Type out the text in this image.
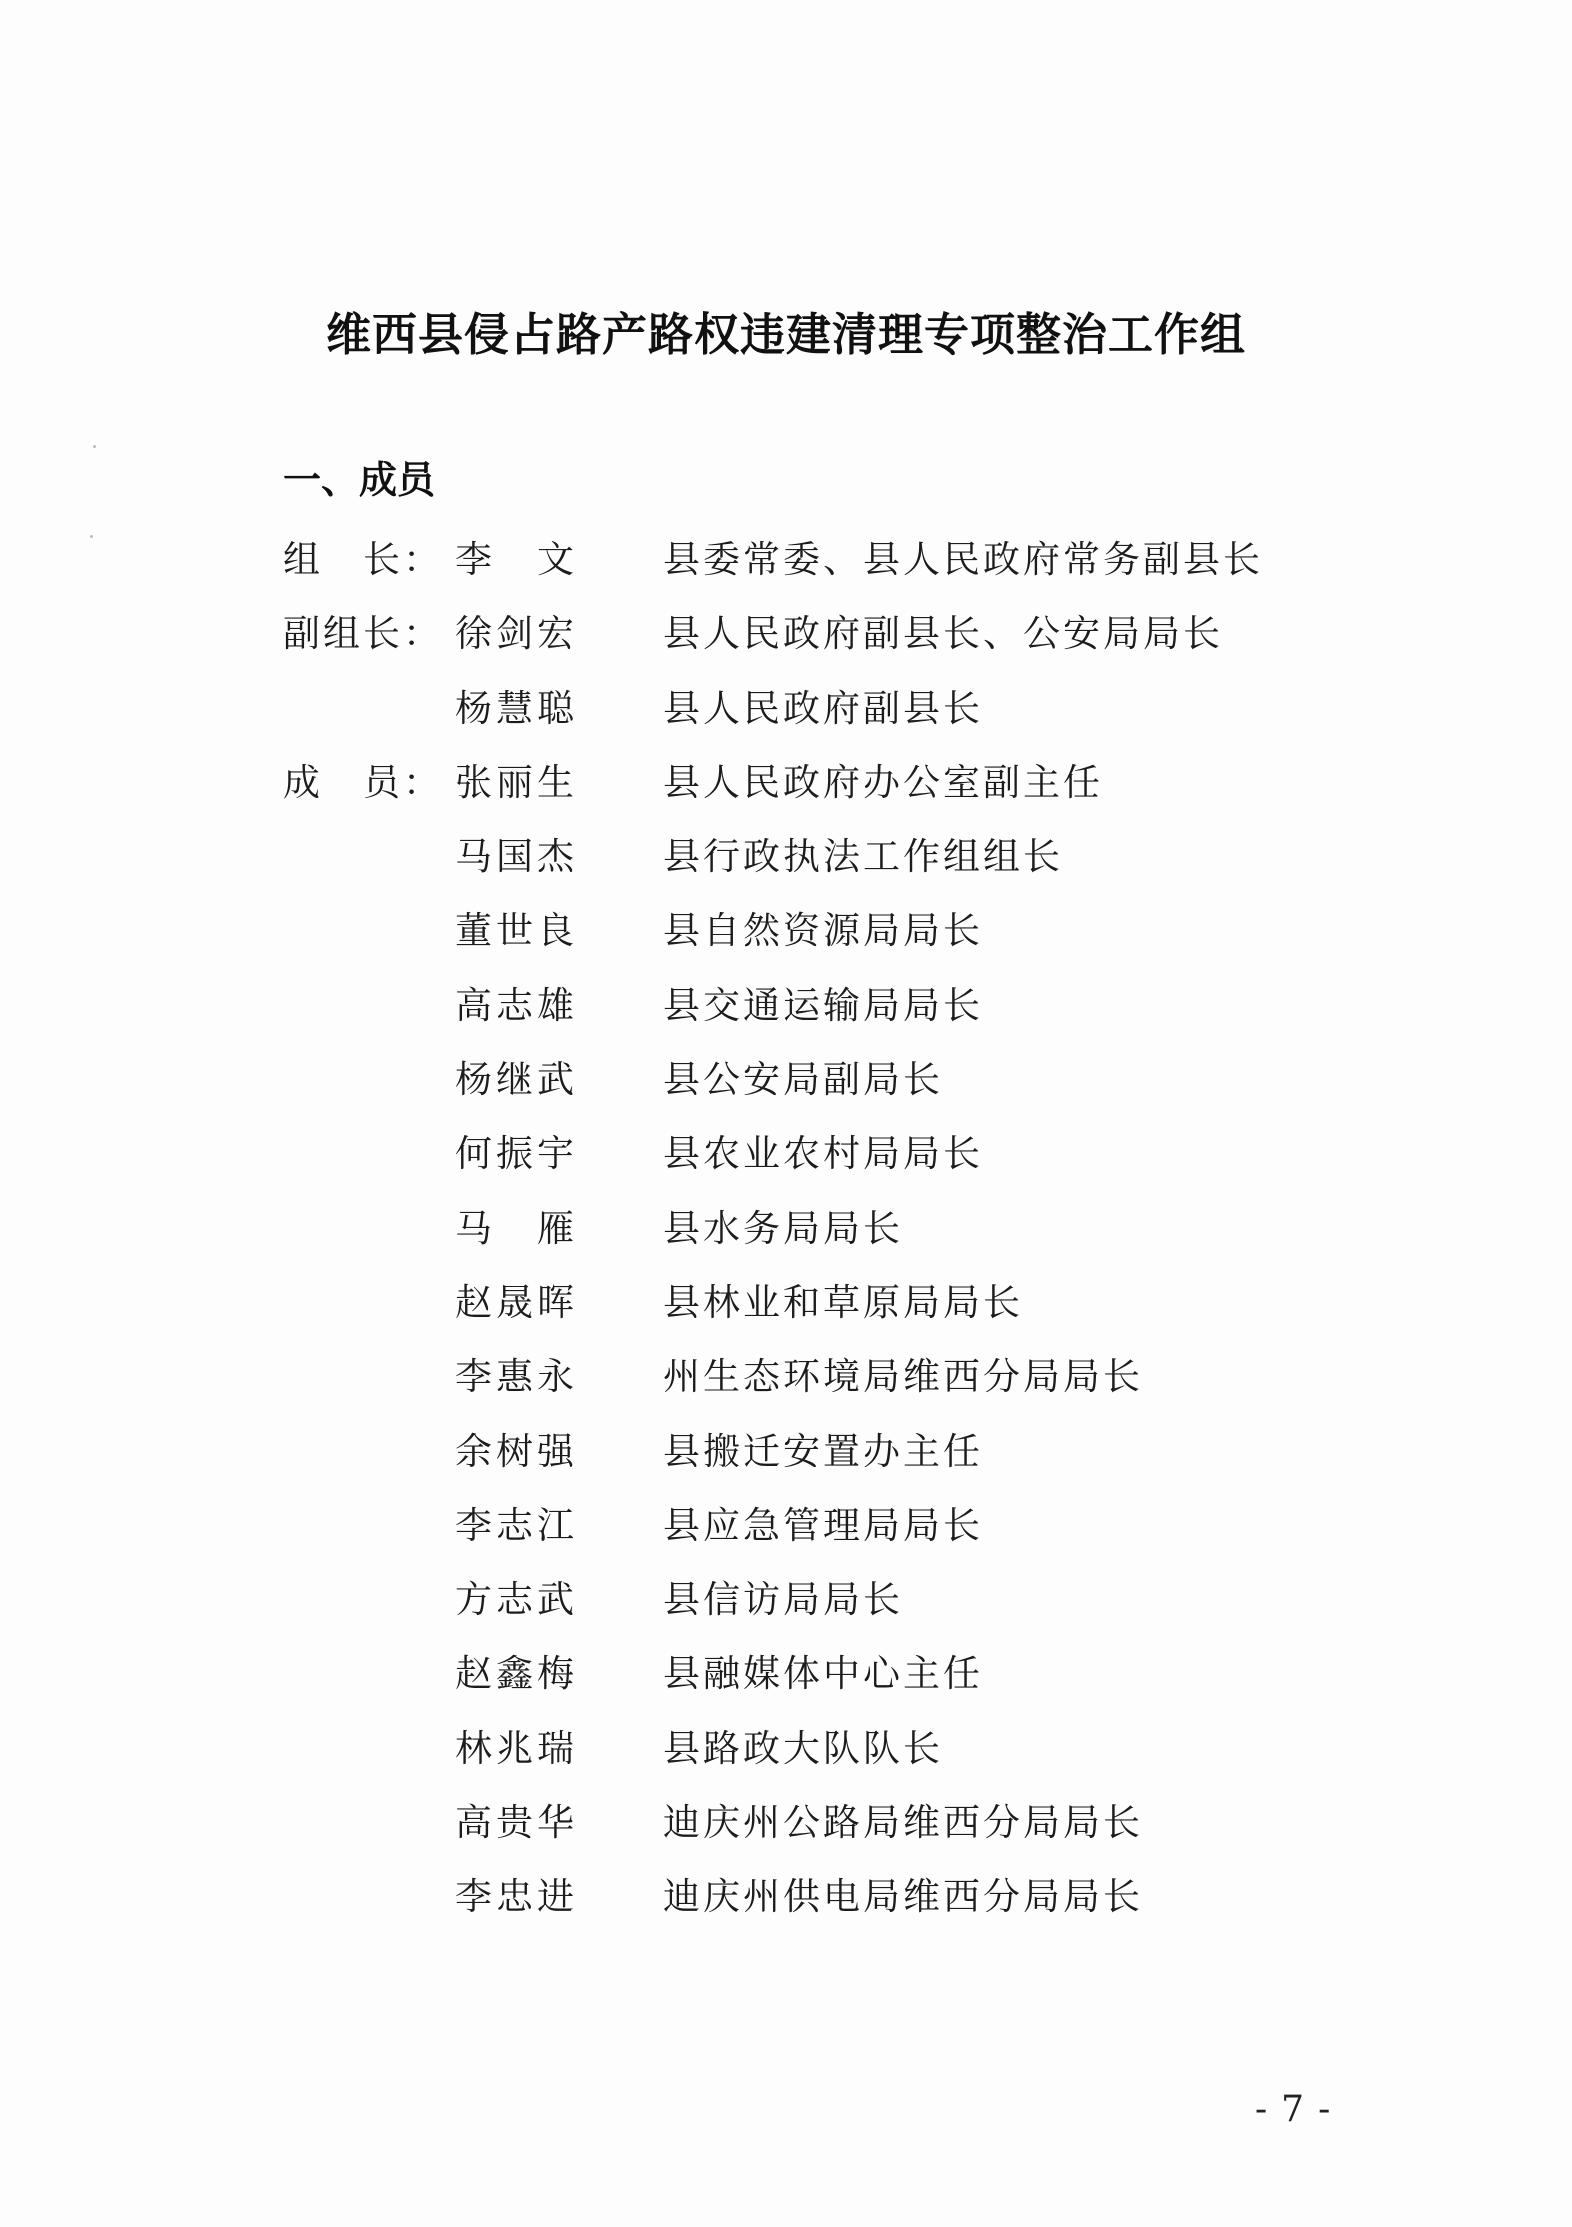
维西县侵占路产路权违建清理专项整治工作组
一、成员
组　长： 李　文	县委常委、县人民政府常务副县长
副组长： 徐剑宏	县人民政府副县长、公安局局长
杨慧聪	县人民政府副县长
成　员： 张丽生	县人民政府办公室副主任
马国杰	县行政执法工作组组长
董世良	县自然资源局局长
高志雄	县交通运输局局长
杨继武	县公安局副局长
何振宇	县农业农村局局长
马　雁	县水务局局长
赵晟晖	县林业和草原局局长
李惠永	州生态环境局维西分局局长
余树强	县搬迁安置办主任
李志江	县应急管理局局长
方志武	县信访局局长
赵鑫梅	县融媒体中心主任
林兆瑞	县路政大队队长
高贵华	迪庆州公路局维西分局局长
李忠进	迪庆州供电局维西分局局长
-7-
